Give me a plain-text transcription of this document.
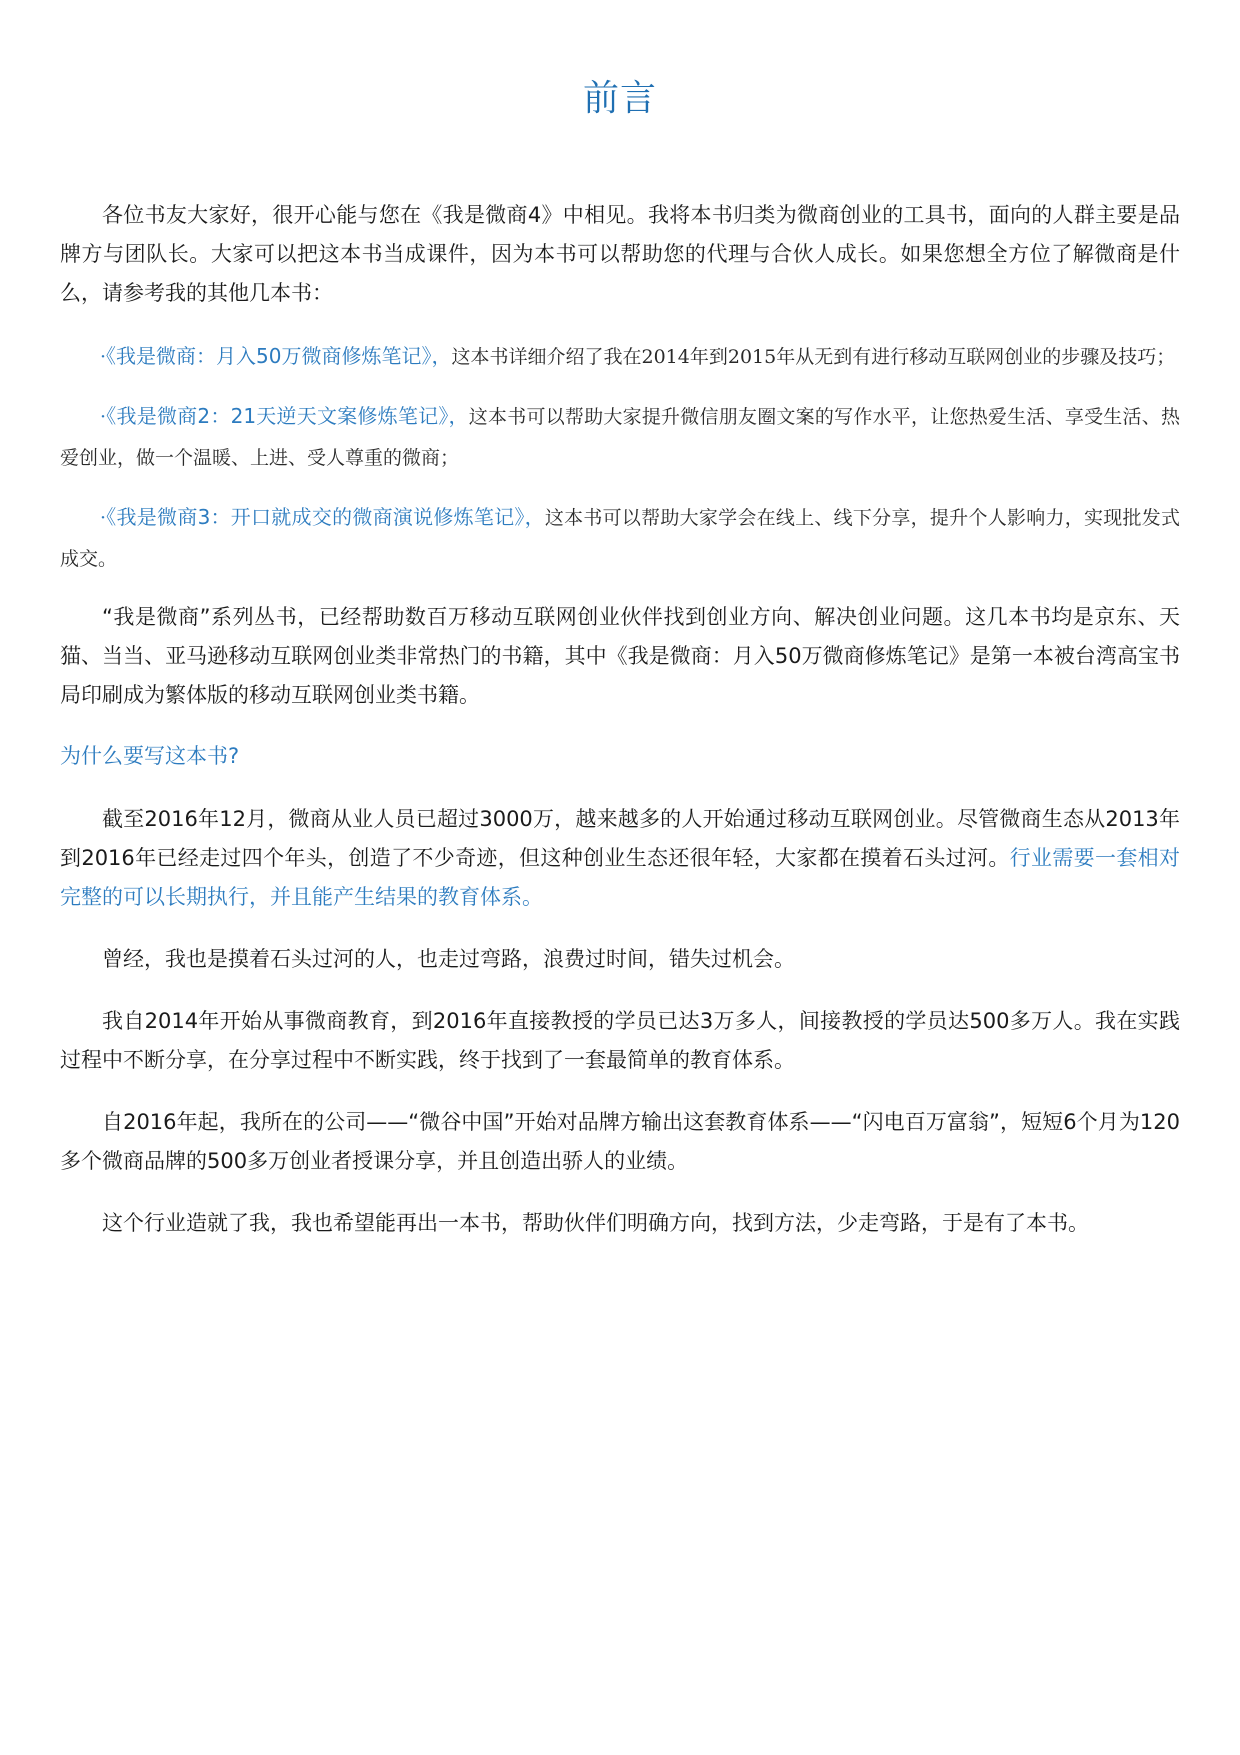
前言

各位书友大家好，很开心能与您在《我是微商4》中相见。我将本书归类为微商创业的工具书，面向的人群主要是品牌方与团队长。大家可以把这本书当成课件，因为本书可以帮助您的代理与合伙人成长。如果您想全方位了解微商是什么，请参考我的其他几本书：

·《我是微商：月入50万微商修炼笔记》，这本书详细介绍了我在2014年到2015年从无到有进行移动互联网创业的步骤及技巧；

·《我是微商2：21天逆天文案修炼笔记》，这本书可以帮助大家提升微信朋友圈文案的写作水平，让您热爱生活、享受生活、热爱创业，做一个温暖、上进、受人尊重的微商；

·《我是微商3：开口就成交的微商演说修炼笔记》，这本书可以帮助大家学会在线上、线下分享，提升个人影响力，实现批发式成交。

“我是微商”系列丛书，已经帮助数百万移动互联网创业伙伴找到创业方向、解决创业问题。这几本书均是京东、天猫、当当、亚马逊移动互联网创业类非常热门的书籍，其中《我是微商：月入50万微商修炼笔记》是第一本被台湾高宝书局印刷成为繁体版的移动互联网创业类书籍。

为什么要写这本书?

截至2016年12月，微商从业人员已超过3000万，越来越多的人开始通过移动互联网创业。尽管微商生态从2013年到2016年已经走过四个年头，创造了不少奇迹，但这种创业生态还很年轻，大家都在摸着石头过河。行业需要一套相对完整的可以长期执行，并且能产生结果的教育体系。

曾经，我也是摸着石头过河的人，也走过弯路，浪费过时间，错失过机会。

我自2014年开始从事微商教育，到2016年直接教授的学员已达3万多人，间接教授的学员达500多万人。我在实践过程中不断分享，在分享过程中不断实践，终于找到了一套最简单的教育体系。

自2016年起，我所在的公司——“微谷中国”开始对品牌方输出这套教育体系——“闪电百万富翁”，短短6个月为120多个微商品牌的500多万创业者授课分享，并且创造出骄人的业绩。

这个行业造就了我，我也希望能再出一本书，帮助伙伴们明确方向，找到方法，少走弯路，于是有了本书。
